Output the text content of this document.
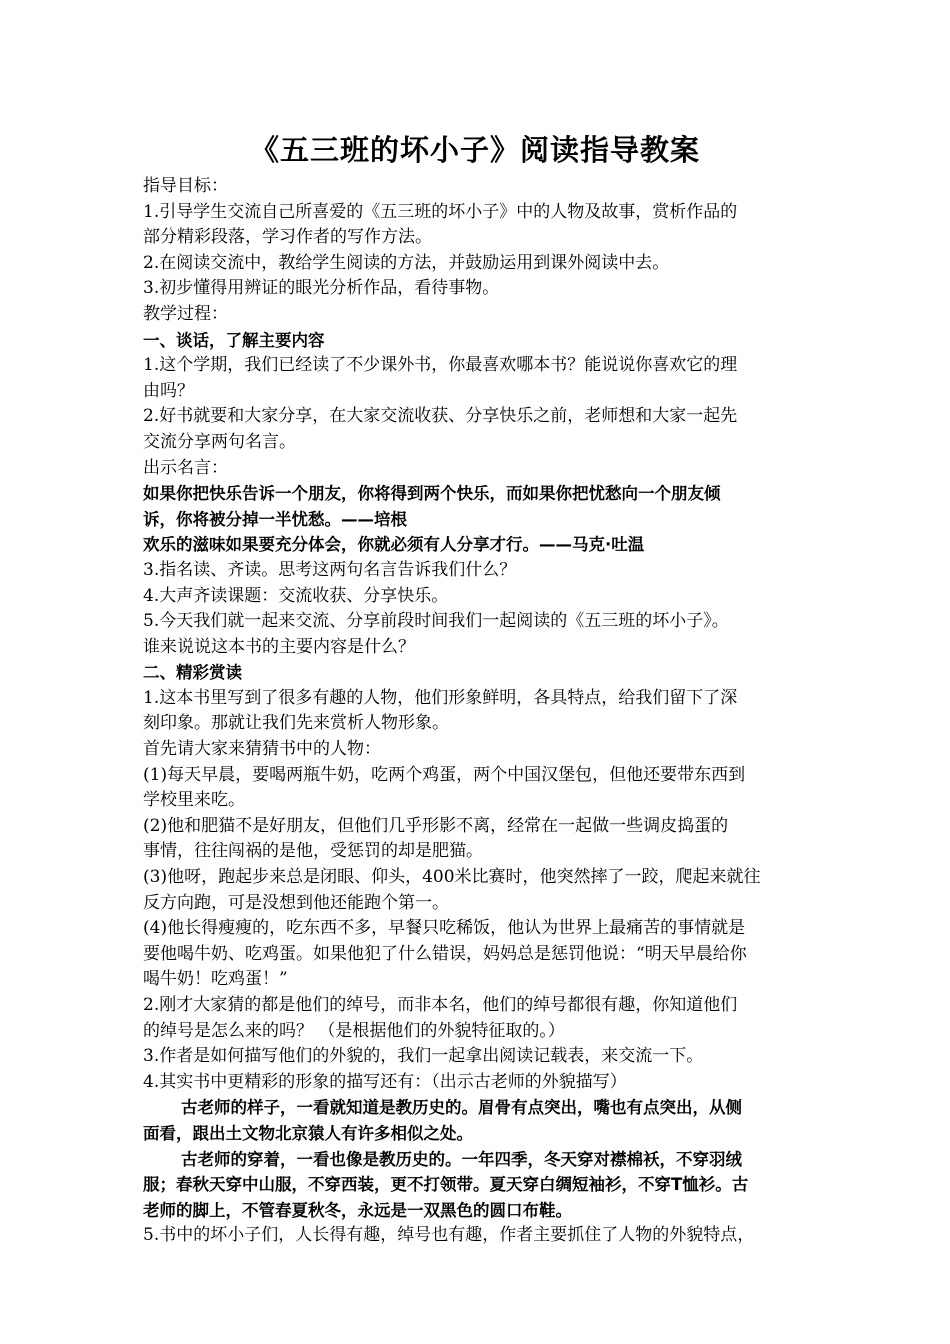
《五三班的坏小子》阅读指导教案
指导目标：
1.引导学生交流自己所喜爱的《五三班的坏小子》中的人物及故事，赏析作品的
部分精彩段落，学习作者的写作方法。
2.在阅读交流中，教给学生阅读的方法，并鼓励运用到课外阅读中去。
3.初步懂得用辨证的眼光分析作品，看待事物。
教学过程：
一、谈话，了解主要内容
1.这个学期，我们已经读了不少课外书，你最喜欢哪本书？能说说你喜欢它的理
由吗？
2.好书就要和大家分享，在大家交流收获、分享快乐之前，老师想和大家一起先
交流分享两句名言。
出示名言：
如果你把快乐告诉一个朋友，你将得到两个快乐，而如果你把忧愁向一个朋友倾
诉，你将被分掉一半忧愁。——培根
欢乐的滋味如果要充分体会，你就必须有人分享才行。——马克·吐温
3.指名读、齐读。思考这两句名言告诉我们什么？
4.大声齐读课题：交流收获、分享快乐。
5.今天我们就一起来交流、分享前段时间我们一起阅读的《五三班的坏小子》。
谁来说说这本书的主要内容是什么？
二、精彩赏读
1.这本书里写到了很多有趣的人物，他们形象鲜明，各具特点，给我们留下了深
刻印象。那就让我们先来赏析人物形象。
首先请大家来猜猜书中的人物：
(1)每天早晨，要喝两瓶牛奶，吃两个鸡蛋，两个中国汉堡包，但他还要带东西到
学校里来吃。
(2)他和肥猫不是好朋友，但他们几乎形影不离，经常在一起做一些调皮捣蛋的
事情，往往闯祸的是他，受惩罚的却是肥猫。
(3)他呀，跑起步来总是闭眼、仰头，400米比赛时，他突然摔了一跤，爬起来就往
反方向跑，可是没想到他还能跑个第一。
(4)他长得瘦瘦的，吃东西不多，早餐只吃稀饭，他认为世界上最痛苦的事情就是
要他喝牛奶、吃鸡蛋。如果他犯了什么错误，妈妈总是惩罚他说：“明天早晨给你
喝牛奶！吃鸡蛋！”
2.刚才大家猜的都是他们的绰号，而非本名，他们的绰号都很有趣，你知道他们
的绰号是怎么来的吗？ （是根据他们的外貌特征取的。）
3.作者是如何描写他们的外貌的，我们一起拿出阅读记载表，来交流一下。
4.其实书中更精彩的形象的描写还有：（出示古老师的外貌描写）
古老师的样子，一看就知道是教历史的。眉骨有点突出，嘴也有点突出，从侧
面看，跟出土文物北京猿人有许多相似之处。
古老师的穿着，一看也像是教历史的。一年四季，冬天穿对襟棉袄，不穿羽绒
服；春秋天穿中山服，不穿西装，更不打领带。夏天穿白绸短袖衫，不穿T恤衫。古
老师的脚上，不管春夏秋冬，永远是一双黑色的圆口布鞋。
5.书中的坏小子们，人长得有趣，绰号也有趣，作者主要抓住了人物的外貌特点，
